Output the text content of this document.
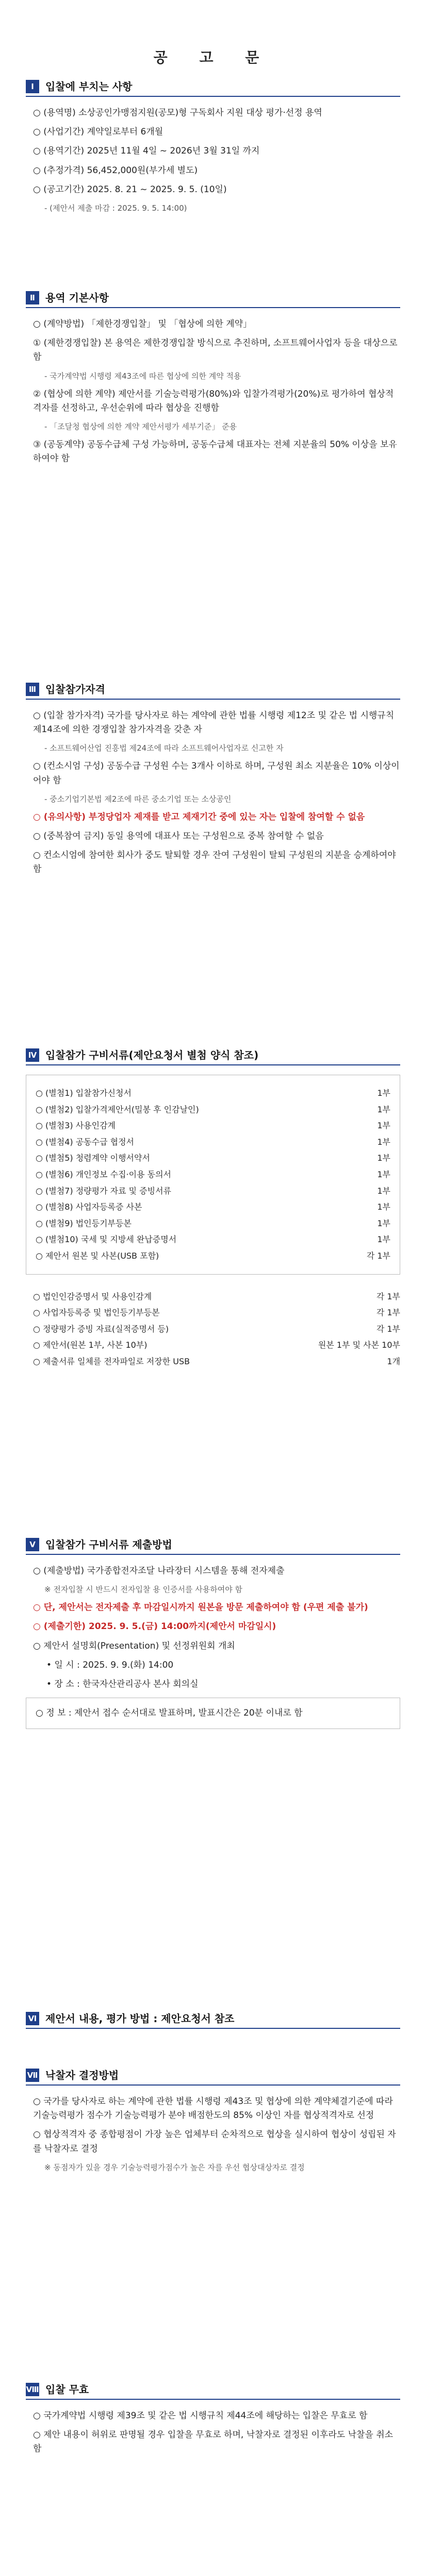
공 고 문
Ⅰ	입찰에 부치는 사항
○ (용역명) 소상공인가맹점지원(공모)형 구독회사 지원 대상 평가·선정 용역
○ (사업기간) 계약일로부터 6개월
○ (용역기간) 2025년 11월 4일 ~ 2026년 3월 31일 까지
○ (추정가격) 56,452,000원(부가세 별도)
○ (공고기간) 2025. 8. 21 ~ 2025. 9. 5. (10일)
- (제안서 제출 마감 : 2025. 9. 5. 14:00)
Ⅱ	용역 기본사항
○ (계약방법) 「제한경쟁입찰」 및 「협상에 의한 계약」
① (제한경쟁입찰) 본 용역은 제한경쟁입찰 방식으로 추진하며, 소프트웨어사업자 등을 대상으로 함
- 국가계약법 시행령 제43조에 따른 협상에 의한 계약 적용
② (협상에 의한 계약) 제안서를 기술능력평가(80%)와 입찰가격평가(20%)로 평가하여 협상적격자를 선정하고, 우선순위에 따라 협상을 진행함
- 「조달청 협상에 의한 계약 제안서평가 세부기준」 준용
③ (공동계약) 공동수급체 구성 가능하며, 공동수급체 대표자는 전체 지분율의 50% 이상을 보유하여야 함
Ⅲ 입찰참가자격
○ (입찰 참가자격) 국가를 당사자로 하는 계약에 관한 법률 시행령 제12조 및 같은 법 시행규칙 제14조에 의한 경쟁입찰 참가자격을 갖춘 자
- 소프트웨어산업 진흥법 제24조에 따라 소프트웨어사업자로 신고한 자
○ (컨소시엄 구성) 공동수급 구성원 수는 3개사 이하로 하며, 구성원 최소 지분율은 10% 이상이어야 함
- 중소기업기본법 제2조에 따른 중소기업 또는 소상공인
○ (유의사항) 부정당업자 제재를 받고 제재기간 중에 있는 자는 입찰에 참여할 수 없음
○ (중복참여 금지) 동일 용역에 대표사 또는 구성원으로 중복 참여할 수 없음
○ 컨소시엄에 참여한 회사가 중도 탈퇴할 경우 잔여 구성원이 탈퇴 구성원의 지분을 승계하여야 함
Ⅳ 입찰참가 구비서류(제안요청서 별첨 양식 참조)
○ (별첨1) 입찰참가신청서	1부
○ (별첨2) 입찰가격제안서(밀봉 후 인감날인)	1부
○ (별첨3) 사용인감계	1부
○ (별첨4) 공동수급 협정서	1부
○ (별첨5) 청렴계약 이행서약서	1부
○ (별첨6) 개인정보 수집·이용 동의서	1부
○ (별첨7) 정량평가 자료 및 증빙서류	1부
○ (별첨8) 사업자등록증 사본	1부
○ (별첨9) 법인등기부등본	1부
○ (별첨10) 국세 및 지방세 완납증명서	1부
○ 제안서 원본 및 사본(USB 포함)	각 1부
○ 법인인감증명서 및 사용인감계	각 1부
○ 사업자등록증 및 법인등기부등본	각 1부
○ 정량평가 증빙 자료(실적증명서 등)	각 1부
○ 제안서(원본 1부, 사본 10부)	원본 1부 및 사본 10부
○ 제출서류 일체를 전자파일로 저장한 USB	1개
Ⅴ 입찰참가 구비서류 제출방법
○ (제출방법) 국가종합전자조달 나라장터 시스템을 통해 전자제출
※ 전자입찰 시 반드시 전자입찰 용 인증서를 사용하여야 함
○ 단, 제안서는 전자제출 후 마감일시까지 원본을 방문 제출하여야 함 (우편 제출 불가)
○ (제출기한) 2025. 9. 5.(금) 14:00까지(제안서 마감일시)
○ 제안서 설명회(Presentation) 및 선정위원회 개최
• 일 시 : 2025. 9. 9.(화) 14:00
• 장 소 : 한국자산관리공사 본사 회의실
○ 정 보 : 제안서 접수 순서대로 발표하며, 발표시간은 20분 이내로 함
Ⅵ 제안서 내용, 평가 방법 : 제안요청서 참조
Ⅶ 낙찰자 결정방법
○ 국가를 당사자로 하는 계약에 관한 법률 시행령 제43조 및 협상에 의한 계약체결기준에 따라 기술능력평가 점수가 기술능력평가 분야 배점한도의 85% 이상인 자를 협상적격자로 선정
○ 협상적격자 중 종합평점이 가장 높은 업체부터 순차적으로 협상을 실시하여 협상이 성립된 자를 낙찰자로 결정
※ 동점자가 있을 경우 기술능력평가점수가 높은 자를 우선 협상대상자로 결정
Ⅷ 입찰 무효
○ 국가계약법 시행령 제39조 및 같은 법 시행규칙 제44조에 해당하는 입찰은 무효로 함
○ 제안 내용이 허위로 판명될 경우 입찰을 무효로 하며, 낙찰자로 결정된 이후라도 낙찰을 취소함
